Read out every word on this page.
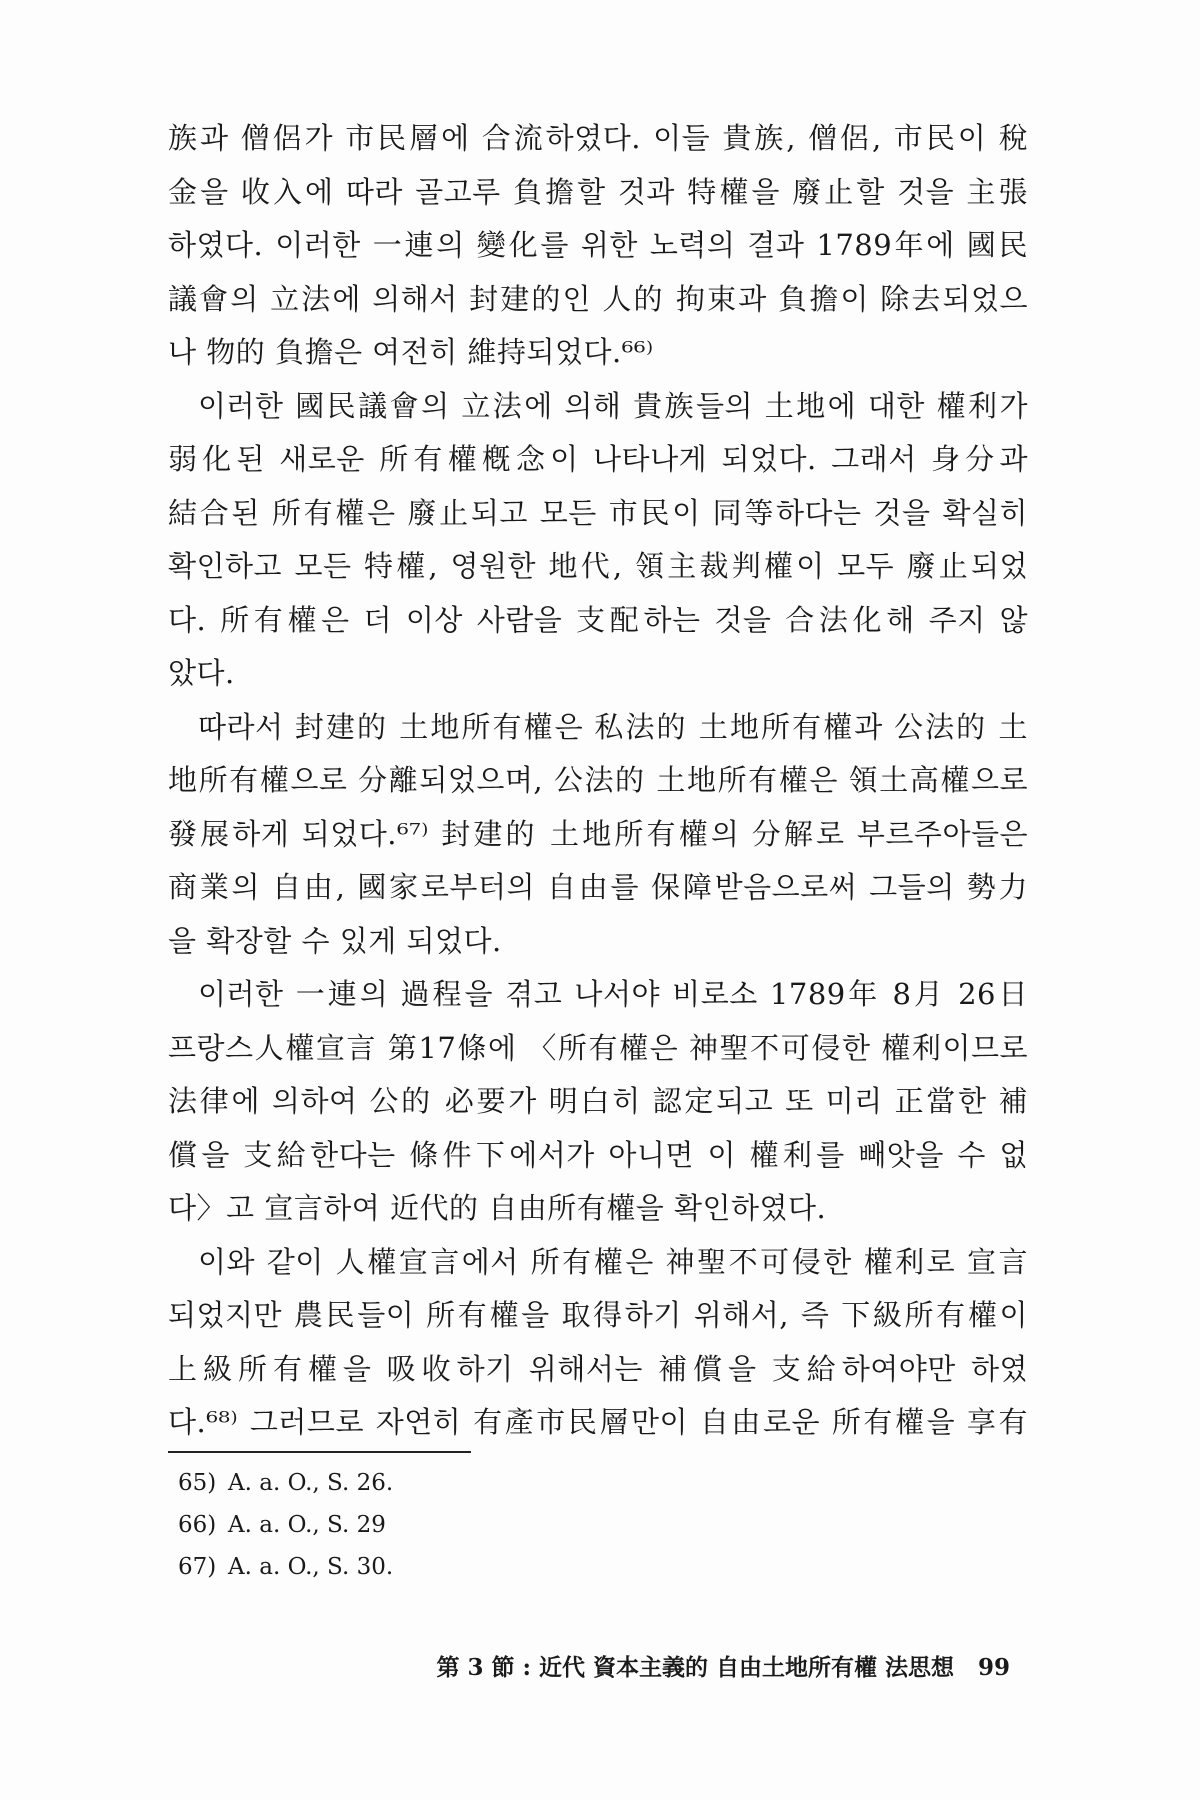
族과 僧侶가 市民層에 合流하였다. 이들 貴族, 僧侶, 市民이 稅
金을 收入에 따라 골고루 負擔할 것과 特權을 廢止할 것을 主張
하였다. 이러한 一連의 變化를 위한 노력의 결과 1789年에 國民
議會의 立法에 의해서 封建的인 人的 拘束과 負擔이 除去되었으
나 物的 負擔은 여전히 維持되었다.⁶⁶⁾
이러한 國民議會의 立法에 의해 貴族들의 土地에 대한 權利가
弱化된 새로운 所有權槪念이 나타나게 되었다. 그래서 身分과
結合된 所有權은 廢止되고 모든 市民이 同等하다는 것을 확실히
확인하고 모든 特權, 영원한 地代, 領主裁判權이 모두 廢止되었
다. 所有權은 더 이상 사람을 支配하는 것을 合法化해 주지 않
았다.
따라서 封建的 土地所有權은 私法的 土地所有權과 公法的 土
地所有權으로 分離되었으며, 公法的 土地所有權은 領土高權으로
發展하게 되었다.⁶⁷⁾ 封建的 土地所有權의 分解로 부르주아들은
商業의 自由, 國家로부터의 自由를 保障받음으로써 그들의 勢力
을 확장할 수 있게 되었다.
이러한 一連의 過程을 겪고 나서야 비로소 1789年 8月 26日
프랑스人權宣言 第17條에 〈所有權은 神聖不可侵한 權利이므로
法律에 의하여 公的 必要가 明白히 認定되고 또 미리 正當한 補
償을 支給한다는 條件下에서가 아니면 이 權利를 빼앗을 수 없
다〉고 宣言하여 近代的 自由所有權을 확인하였다.
이와 같이 人權宣言에서 所有權은 神聖不可侵한 權利로 宣言
되었지만 農民들이 所有權을 取得하기 위해서, 즉 下級所有權이
上級所有權을 吸收하기 위해서는 補償을 支給하여야만 하였
다.⁶⁸⁾ 그러므로 자연히 有產市民層만이 自由로운 所有權을 享有
65) A. a. O., S. 26.
66) A. a. O., S. 29
67) A. a. O., S. 30.
第 3 節 : 近代 資本主義的 自由土地所有權 法思想 99
